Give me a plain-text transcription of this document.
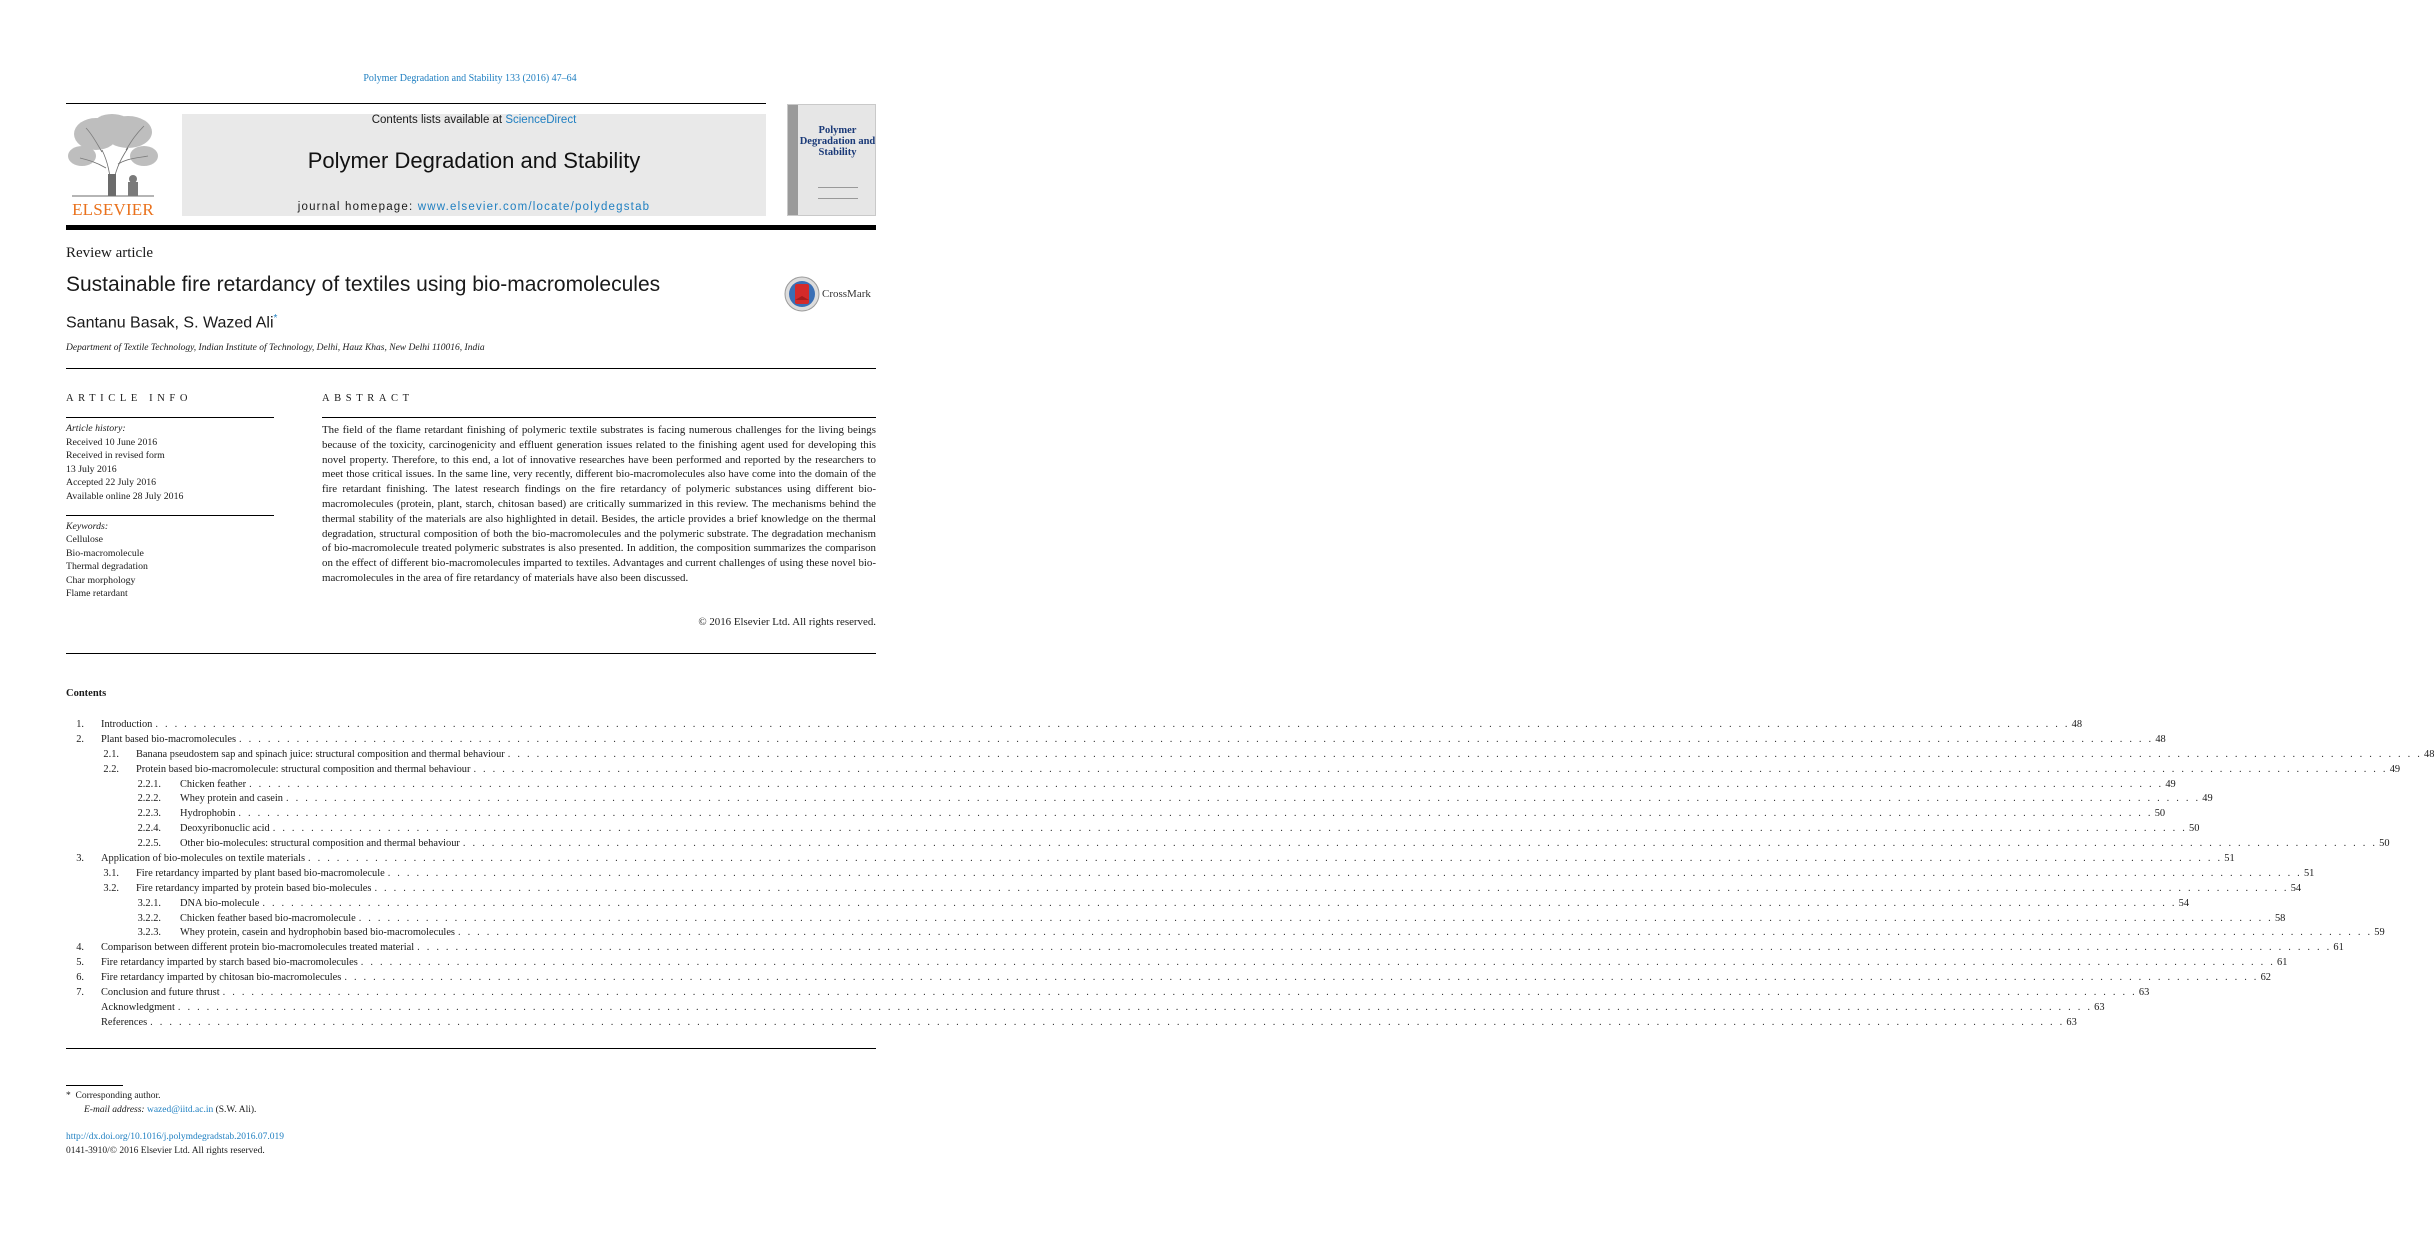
Polymer Degradation and Stability 133 (2016) 47–64
ELSEVIER
Contents lists available at ScienceDirect
Polymer Degradation and Stability
journal homepage: www.elsevier.com/locate/polydegstab
Polymer Degradation and Stability
Review article
Sustainable fire retardancy of textiles using bio-macromolecules	CrossMark
Santanu Basak, S. Wazed Ali*
Department of Textile Technology, Indian Institute of Technology, Delhi, Hauz Khas, New Delhi 110016, India
ARTICLE INFO	ABSTRACT
Article history:
Received 10 June 2016
Received in revised form
13 July 2016
Accepted 22 July 2016
Available online 28 July 2016
Keywords:
Cellulose
Bio-macromolecule
Thermal degradation
Char morphology
Flame retardant
The field of the flame retardant finishing of polymeric textile substrates is facing numerous challenges for the living beings because of the toxicity, carcinogenicity and effluent generation issues related to the finishing agent used for developing this novel property. Therefore, to this end, a lot of innovative researches have been performed and reported by the researchers to meet those critical issues. In the same line, very recently, different bio-macromolecules also have come into the domain of the fire retardant finishing. The latest research findings on the fire retardancy of polymeric substances using different bio-macromolecules (protein, plant, starch, chitosan based) are critically summarized in this review. The mechanisms behind the thermal stability of the materials are also highlighted in detail. Besides, the article provides a brief knowledge on the thermal degradation, structural composition of both the bio-macromolecules and the polymeric substrate. The degradation mechanism of bio-macromolecule treated polymeric substrates is also presented. In addition, the composition summarizes the comparison on the effect of different bio-macromolecules imparted to textiles. Advantages and current challenges of using these novel bio-macromolecules in the area of fire retardancy of materials have also been discussed.
© 2016 Elsevier Ltd. All rights reserved.
Contents
1. Introduction . . . . . . . . . . . . . . . . . . . . . . . . . . . . . . . . . . . . . . . . . . . . . . . . . . . . . . . . . . . . . . . . . . . . . . . . . . . . . . . . . . . . . . . . . . . . . . . . . . . . . . . . . . . . . . . . . . . . . . . . . . . . . . . . . . . . . . . . . . . . . . . . . . . . . . . . . . . . . . . . . . . . . . . . . . . . . . . . . . . . . . . . . . . . . . . . . . . . . . . . 48
2. Plant based bio-macromolecules . . . . . . . . . . . . . . . . . . . . . . . . . . . . . . . . . . . . . . . . . . . . . . . . . . . . . . . . . . . . . . . . . . . . . . . . . . . . . . . . . . . . . . . . . . . . . . . . . . . . . . . . . . . . . . . . . . . . . . . . . . . . . . . . . . . . . . . . . . . . . . . . . . . . . . . . . . . . . . . . . . . . . . . . . . . . . . . . . . . . . . . . . . . . . . . . . . . . . . . . 48
2.1. Banana pseudostem sap and spinach juice: structural composition and thermal behaviour . . . . . . . . . . . . . . . . . . . . . . . . . . . . . . . . . . . . . . . . . . . . . . . . . . . . . . . . . . . . . . . . . . . . . . . . . . . . . . . . . . . . . . . . . . . . . . . . . . . . . . . . . . . . . . . . . . . . . . . . . . . . . . . . . . . . . . . . . . . . . . . . . . . . . . . . . . . . . . . . . . . . . . . . . . . . . . . . . . . . . . . . . . . . . . . . . . . . . . . . 48
2.2. Protein based bio-macromolecule: structural composition and thermal behaviour . . . . . . . . . . . . . . . . . . . . . . . . . . . . . . . . . . . . . . . . . . . . . . . . . . . . . . . . . . . . . . . . . . . . . . . . . . . . . . . . . . . . . . . . . . . . . . . . . . . . . . . . . . . . . . . . . . . . . . . . . . . . . . . . . . . . . . . . . . . . . . . . . . . . . . . . . . . . . . . . . . . . . . . . . . . . . . . . . . . . . . . . . . . . . . . . . . . . . . . . 49
2.2.1. Chicken feather . . . . . . . . . . . . . . . . . . . . . . . . . . . . . . . . . . . . . . . . . . . . . . . . . . . . . . . . . . . . . . . . . . . . . . . . . . . . . . . . . . . . . . . . . . . . . . . . . . . . . . . . . . . . . . . . . . . . . . . . . . . . . . . . . . . . . . . . . . . . . . . . . . . . . . . . . . . . . . . . . . . . . . . . . . . . . . . . . . . . . . . . . . . . . . . . . . . . . . . . 49
2.2.2. Whey protein and casein . . . . . . . . . . . . . . . . . . . . . . . . . . . . . . . . . . . . . . . . . . . . . . . . . . . . . . . . . . . . . . . . . . . . . . . . . . . . . . . . . . . . . . . . . . . . . . . . . . . . . . . . . . . . . . . . . . . . . . . . . . . . . . . . . . . . . . . . . . . . . . . . . . . . . . . . . . . . . . . . . . . . . . . . . . . . . . . . . . . . . . . . . . . . . . . . . . . . . . . . 49
2.2.3. Hydrophobin . . . . . . . . . . . . . . . . . . . . . . . . . . . . . . . . . . . . . . . . . . . . . . . . . . . . . . . . . . . . . . . . . . . . . . . . . . . . . . . . . . . . . . . . . . . . . . . . . . . . . . . . . . . . . . . . . . . . . . . . . . . . . . . . . . . . . . . . . . . . . . . . . . . . . . . . . . . . . . . . . . . . . . . . . . . . . . . . . . . . . . . . . . . . . . . . . . . . . . . . 50
2.2.4. Deoxyribonuclic acid . . . . . . . . . . . . . . . . . . . . . . . . . . . . . . . . . . . . . . . . . . . . . . . . . . . . . . . . . . . . . . . . . . . . . . . . . . . . . . . . . . . . . . . . . . . . . . . . . . . . . . . . . . . . . . . . . . . . . . . . . . . . . . . . . . . . . . . . . . . . . . . . . . . . . . . . . . . . . . . . . . . . . . . . . . . . . . . . . . . . . . . . . . . . . . . . . . . . . . . . 50
2.2.5. Other bio-molecules: structural composition and thermal behaviour . . . . . . . . . . . . . . . . . . . . . . . . . . . . . . . . . . . . . . . . . . . . . . . . . . . . . . . . . . . . . . . . . . . . . . . . . . . . . . . . . . . . . . . . . . . . . . . . . . . . . . . . . . . . . . . . . . . . . . . . . . . . . . . . . . . . . . . . . . . . . . . . . . . . . . . . . . . . . . . . . . . . . . . . . . . . . . . . . . . . . . . . . . . . . . . . . . . . . . . . 50
3. Application of bio-molecules on textile materials . . . . . . . . . . . . . . . . . . . . . . . . . . . . . . . . . . . . . . . . . . . . . . . . . . . . . . . . . . . . . . . . . . . . . . . . . . . . . . . . . . . . . . . . . . . . . . . . . . . . . . . . . . . . . . . . . . . . . . . . . . . . . . . . . . . . . . . . . . . . . . . . . . . . . . . . . . . . . . . . . . . . . . . . . . . . . . . . . . . . . . . . . . . . . . . . . . . . . . . . 51
3.1. Fire retardancy imparted by plant based bio-macromolecule . . . . . . . . . . . . . . . . . . . . . . . . . . . . . . . . . . . . . . . . . . . . . . . . . . . . . . . . . . . . . . . . . . . . . . . . . . . . . . . . . . . . . . . . . . . . . . . . . . . . . . . . . . . . . . . . . . . . . . . . . . . . . . . . . . . . . . . . . . . . . . . . . . . . . . . . . . . . . . . . . . . . . . . . . . . . . . . . . . . . . . . . . . . . . . . . . . . . . . . . 51
3.2. Fire retardancy imparted by protein based bio-molecules . . . . . . . . . . . . . . . . . . . . . . . . . . . . . . . . . . . . . . . . . . . . . . . . . . . . . . . . . . . . . . . . . . . . . . . . . . . . . . . . . . . . . . . . . . . . . . . . . . . . . . . . . . . . . . . . . . . . . . . . . . . . . . . . . . . . . . . . . . . . . . . . . . . . . . . . . . . . . . . . . . . . . . . . . . . . . . . . . . . . . . . . . . . . . . . . . . . . . . . . 54
3.2.1. DNA bio-molecule . . . . . . . . . . . . . . . . . . . . . . . . . . . . . . . . . . . . . . . . . . . . . . . . . . . . . . . . . . . . . . . . . . . . . . . . . . . . . . . . . . . . . . . . . . . . . . . . . . . . . . . . . . . . . . . . . . . . . . . . . . . . . . . . . . . . . . . . . . . . . . . . . . . . . . . . . . . . . . . . . . . . . . . . . . . . . . . . . . . . . . . . . . . . . . . . . . . . . . . . 54
3.2.2. Chicken feather based bio-macromolecule . . . . . . . . . . . . . . . . . . . . . . . . . . . . . . . . . . . . . . . . . . . . . . . . . . . . . . . . . . . . . . . . . . . . . . . . . . . . . . . . . . . . . . . . . . . . . . . . . . . . . . . . . . . . . . . . . . . . . . . . . . . . . . . . . . . . . . . . . . . . . . . . . . . . . . . . . . . . . . . . . . . . . . . . . . . . . . . . . . . . . . . . . . . . . . . . . . . . . . . . 58
3.2.3. Whey protein, casein and hydrophobin based bio-macromolecules . . . . . . . . . . . . . . . . . . . . . . . . . . . . . . . . . . . . . . . . . . . . . . . . . . . . . . . . . . . . . . . . . . . . . . . . . . . . . . . . . . . . . . . . . . . . . . . . . . . . . . . . . . . . . . . . . . . . . . . . . . . . . . . . . . . . . . . . . . . . . . . . . . . . . . . . . . . . . . . . . . . . . . . . . . . . . . . . . . . . . . . . . . . . . . . . . . . . . . . . 59
4. Comparison between different protein bio-macromolecules treated material . . . . . . . . . . . . . . . . . . . . . . . . . . . . . . . . . . . . . . . . . . . . . . . . . . . . . . . . . . . . . . . . . . . . . . . . . . . . . . . . . . . . . . . . . . . . . . . . . . . . . . . . . . . . . . . . . . . . . . . . . . . . . . . . . . . . . . . . . . . . . . . . . . . . . . . . . . . . . . . . . . . . . . . . . . . . . . . . . . . . . . . . . . . . . . . . . . . . . . . . 61
5. Fire retardancy imparted by starch based bio-macromolecules . . . . . . . . . . . . . . . . . . . . . . . . . . . . . . . . . . . . . . . . . . . . . . . . . . . . . . . . . . . . . . . . . . . . . . . . . . . . . . . . . . . . . . . . . . . . . . . . . . . . . . . . . . . . . . . . . . . . . . . . . . . . . . . . . . . . . . . . . . . . . . . . . . . . . . . . . . . . . . . . . . . . . . . . . . . . . . . . . . . . . . . . . . . . . . . . . . . . . . . . 61
6. Fire retardancy imparted by chitosan bio-macromolecules . . . . . . . . . . . . . . . . . . . . . . . . . . . . . . . . . . . . . . . . . . . . . . . . . . . . . . . . . . . . . . . . . . . . . . . . . . . . . . . . . . . . . . . . . . . . . . . . . . . . . . . . . . . . . . . . . . . . . . . . . . . . . . . . . . . . . . . . . . . . . . . . . . . . . . . . . . . . . . . . . . . . . . . . . . . . . . . . . . . . . . . . . . . . . . . . . . . . . . . . 62
7. Conclusion and future thrust . . . . . . . . . . . . . . . . . . . . . . . . . . . . . . . . . . . . . . . . . . . . . . . . . . . . . . . . . . . . . . . . . . . . . . . . . . . . . . . . . . . . . . . . . . . . . . . . . . . . . . . . . . . . . . . . . . . . . . . . . . . . . . . . . . . . . . . . . . . . . . . . . . . . . . . . . . . . . . . . . . . . . . . . . . . . . . . . . . . . . . . . . . . . . . . . . . . . . . . . 63
Acknowledgment . . . . . . . . . . . . . . . . . . . . . . . . . . . . . . . . . . . . . . . . . . . . . . . . . . . . . . . . . . . . . . . . . . . . . . . . . . . . . . . . . . . . . . . . . . . . . . . . . . . . . . . . . . . . . . . . . . . . . . . . . . . . . . . . . . . . . . . . . . . . . . . . . . . . . . . . . . . . . . . . . . . . . . . . . . . . . . . . . . . . . . . . . . . . . . . . . . . . . . . . 63
References . . . . . . . . . . . . . . . . . . . . . . . . . . . . . . . . . . . . . . . . . . . . . . . . . . . . . . . . . . . . . . . . . . . . . . . . . . . . . . . . . . . . . . . . . . . . . . . . . . . . . . . . . . . . . . . . . . . . . . . . . . . . . . . . . . . . . . . . . . . . . . . . . . . . . . . . . . . . . . . . . . . . . . . . . . . . . . . . . . . . . . . . . . . . . . . . . . . . . . . . 63
* Corresponding author.
E-mail address: wazed@iitd.ac.in (S.W. Ali).
http://dx.doi.org/10.1016/j.polymdegradstab.2016.07.019
0141-3910/© 2016 Elsevier Ltd. All rights reserved.
